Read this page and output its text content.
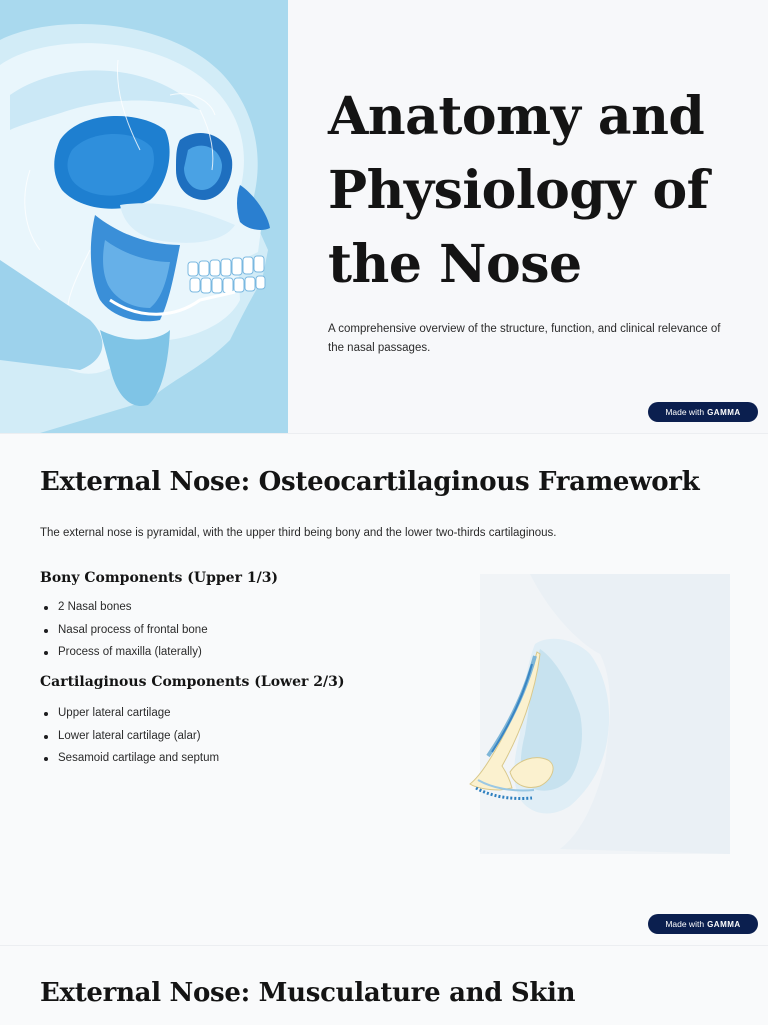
Anatomy and Physiology of the Nose

A comprehensive overview of the structure, function, and clinical relevance of the nasal passages.

Made with GAMMA
External Nose: Osteocartilaginous Framework

The external nose is pyramidal, with the upper third being bony and the lower two-thirds cartilaginous.

Bony Components (Upper 1/3)
2 Nasal bones
Nasal process of frontal bone
Process of maxilla (laterally)
Cartilaginous Components (Lower 2/3)
Upper lateral cartilage
Lower lateral cartilage (alar)
Sesamoid cartilage and septum
Made with GAMMA
External Nose: Musculature and Skin
